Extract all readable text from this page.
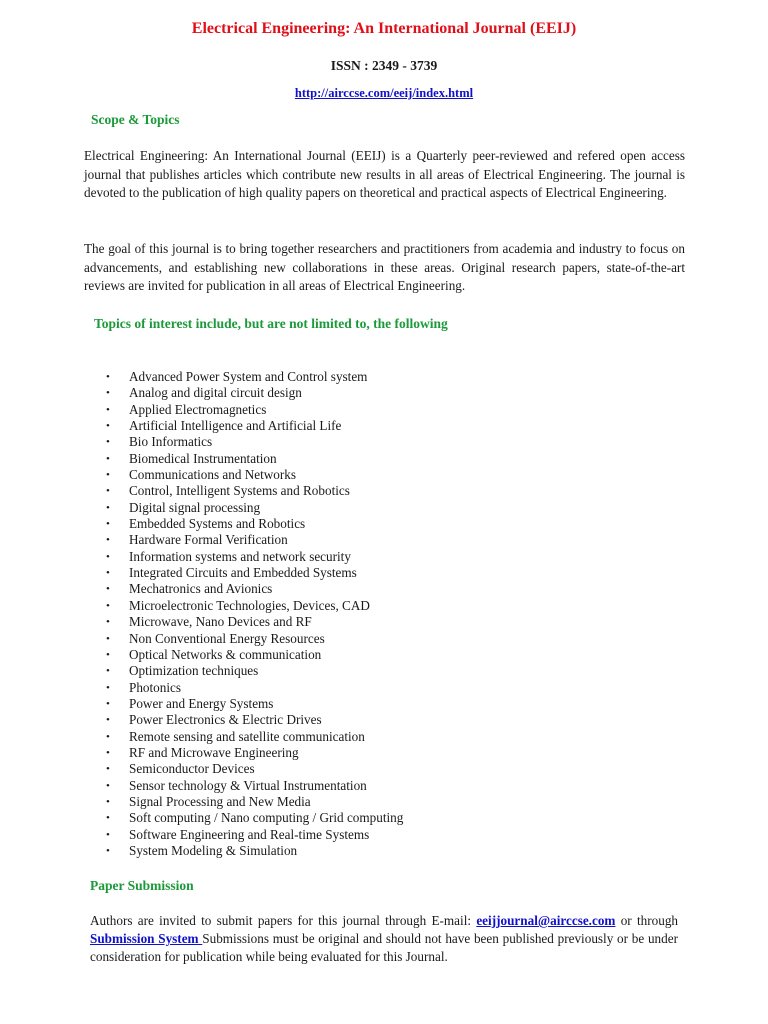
Electrical Engineering: An International Journal (EEIJ)
ISSN : 2349 - 3739
http://airccse.com/eeij/index.html
Scope & Topics

Electrical Engineering: An International Journal (EEIJ) is a Quarterly peer-reviewed and refered open access journal that publishes articles which contribute new results in all areas of Electrical Engineering. The journal is devoted to the publication of high quality papers on theoretical and practical aspects of Electrical Engineering.

The goal of this journal is to bring together researchers and practitioners from academia and industry to focus on advancements, and establishing new collaborations in these areas. Original research papers, state-of-the-art reviews are invited for publication in all areas of Electrical Engineering.

Topics of interest include, but are not limited to, the following
• Advanced Power System and Control system
• Analog and digital circuit design
• Applied Electromagnetics
• Artificial Intelligence and Artificial Life
• Bio Informatics
• Biomedical Instrumentation
• Communications and Networks
• Control, Intelligent Systems and Robotics
• Digital signal processing
• Embedded Systems and Robotics
• Hardware Formal Verification
• Information systems and network security
• Integrated Circuits and Embedded Systems
• Mechatronics and Avionics
• Microelectronic Technologies, Devices, CAD
• Microwave, Nano Devices and RF
• Non Conventional Energy Resources
• Optical Networks & communication
• Optimization techniques
• Photonics
• Power and Energy Systems
• Power Electronics & Electric Drives
• Remote sensing and satellite communication
• RF and Microwave Engineering
• Semiconductor Devices
• Sensor technology & Virtual Instrumentation
• Signal Processing and New Media
• Soft computing / Nano computing / Grid computing
• Software Engineering and Real-time Systems
• System Modeling & Simulation
Paper Submission

Authors are invited to submit papers for this journal through E-mail: eeijjournal@airccse.com or through Submission System Submissions must be original and should not have been published previously or be under consideration for publication while being evaluated for this Journal.
